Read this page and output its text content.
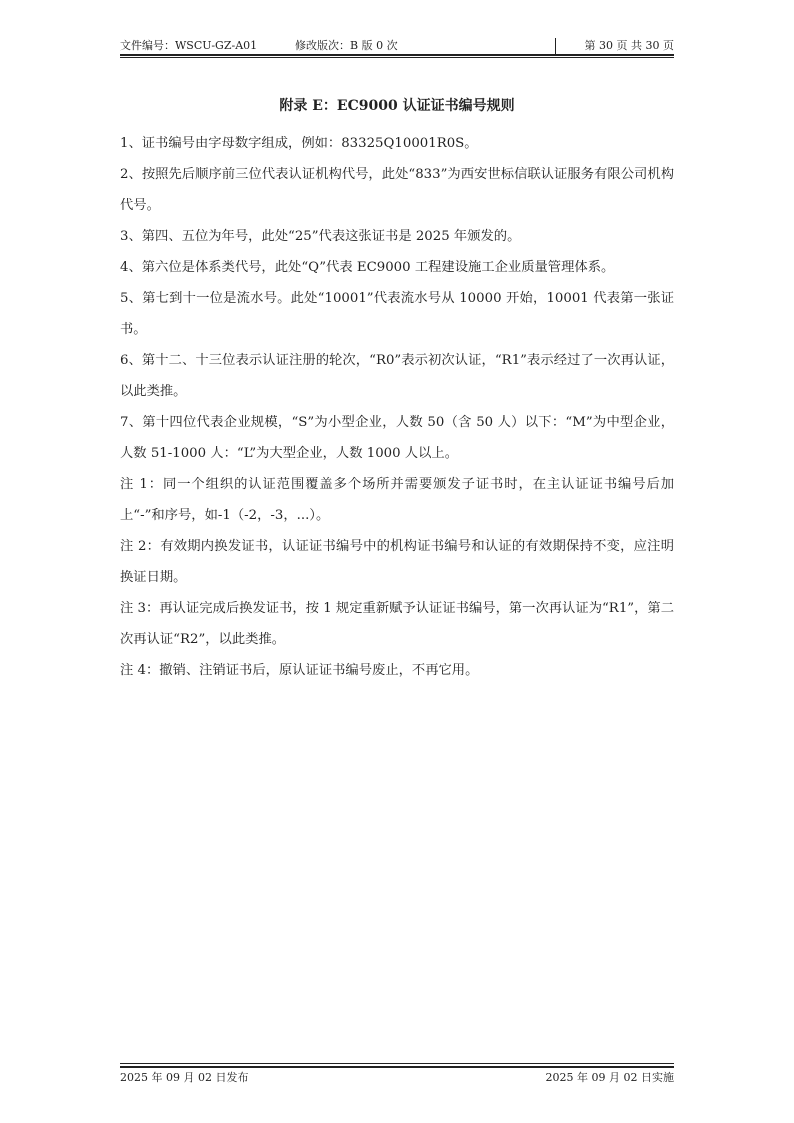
文件编号：WSCU-GZ-A01	修改版次：B 版 0 次	第 30 页 共 30 页
附录 E：EC9000 认证证书编号规则

1、证书编号由字母数字组成，例如：83325Q10001R0S。

2、按照先后顺序前三位代表认证机构代号，此处“833”为西安世标信联认证服务有限公司机构代号。

3、第四、五位为年号，此处“25”代表这张证书是 2025 年颁发的。

4、第六位是体系类代号，此处“Q”代表 EC9000 工程建设施工企业质量管理体系。

5、第七到十一位是流水号。此处“10001”代表流水号从 10000 开始，10001 代表第一张证书。

6、第十二、十三位表示认证注册的轮次，“R0”表示初次认证，“R1”表示经过了一次再认证，以此类推。

7、第十四位代表企业规模，“S”为小型企业，人数 50（含 50 人）以下：“M”为中型企业，人数 51-1000 人：“L”为大型企业，人数 1000 人以上。

注 1：同一个组织的认证范围覆盖多个场所并需要颁发子证书时，在主认证证书编号后加上“-”和序号，如-1（-2，-3，...）。

注 2：有效期内换发证书，认证证书编号中的机构证书编号和认证的有效期保持不变，应注明换证日期。

注 3：再认证完成后换发证书，按 1 规定重新赋予认证证书编号，第一次再认证为“R1”，第二次再认证“R2”，以此类推。

注 4：撤销、注销证书后，原认证证书编号废止，不再它用。

2025 年 09 月 02 日发布	2025 年 09 月 02 日实施
